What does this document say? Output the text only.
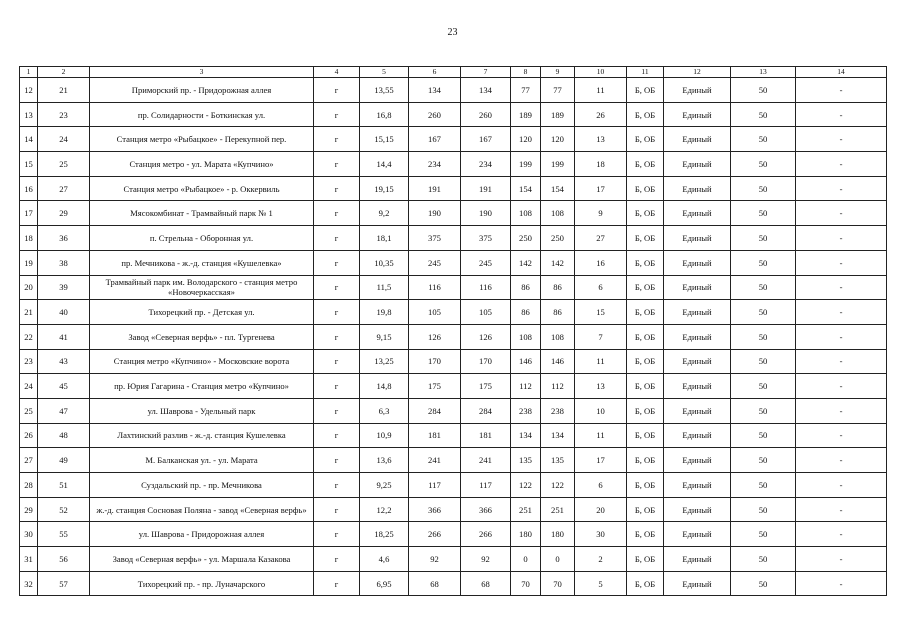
23
1	2	3	4	5	6	7	8	9	10	11	12	13	14
12	21	Приморский пр. - Придорожная аллея	г	13,55	134	134	77	77	11	Б, ОБ	Единый	50	-
13	23	пр. Солидарности - Боткинская ул.	г	16,8	260	260	189	189	26	Б, ОБ	Единый	50	-
14	24	Станция метро «Рыбацкое» - Перекупной пер.	г	15,15	167	167	120	120	13	Б, ОБ	Единый	50	-
15	25	Станция метро - ул. Марата «Купчино»	г	14,4	234	234	199	199	18	Б, ОБ	Единый	50	-
16	27	Станция метро «Рыбацкое» - р. Оккервиль	г	19,15	191	191	154	154	17	Б, ОБ	Единый	50	-
17	29	Мясокомбинат - Трамвайный парк № 1	г	9,2	190	190	108	108	9	Б, ОБ	Единый	50	-
18	36	п. Стрельна - Оборонная ул.	г	18,1	375	375	250	250	27	Б, ОБ	Единый	50	-
19	38	пр. Мечникова - ж.-д. станция «Кушелевка»	г	10,35	245	245	142	142	16	Б, ОБ	Единый	50	-
20	39	Трамвайный парк им. Володарского - станция метро «Новочеркасская»	г	11,5	116	116	86	86	6	Б, ОБ	Единый	50	-
21	40	Тихорецкий пр. - Детская ул.	г	19,8	105	105	86	86	15	Б, ОБ	Единый	50	-
22	41	Завод «Северная верфь» - пл. Тургенева	г	9,15	126	126	108	108	7	Б, ОБ	Единый	50	-
23	43	Станция метро «Купчино» - Московские ворота	г	13,25	170	170	146	146	11	Б, ОБ	Единый	50	-
24	45	пр. Юрия Гагарина - Станция метро «Купчино»	г	14,8	175	175	112	112	13	Б, ОБ	Единый	50	-
25	47	ул. Шаврова - Удельный парк	г	6,3	284	284	238	238	10	Б, ОБ	Единый	50	-
26	48	Лахтинский разлив - ж.-д. станция Кушелевка	г	10,9	181	181	134	134	11	Б, ОБ	Единый	50	-
27	49	М. Балканская ул. - ул. Марата	г	13,6	241	241	135	135	17	Б, ОБ	Единый	50	-
28	51	Суздальский пр. - пр. Мечникова	г	9,25	117	117	122	122	6	Б, ОБ	Единый	50	-
29	52	ж.-д. станция Сосновая Поляна - завод «Северная верфь»	г	12,2	366	366	251	251	20	Б, ОБ	Единый	50	-
30	55	ул. Шаврова - Придорожная аллея	г	18,25	266	266	180	180	30	Б, ОБ	Единый	50	-
31	56	Завод «Северная верфь» - ул. Маршала Казакова	г	4,6	92	92	0	0	2	Б, ОБ	Единый	50	-
32	57	Тихорецкий пр. - пр. Луначарского	г	6,95	68	68	70	70	5	Б, ОБ	Единый	50	-
